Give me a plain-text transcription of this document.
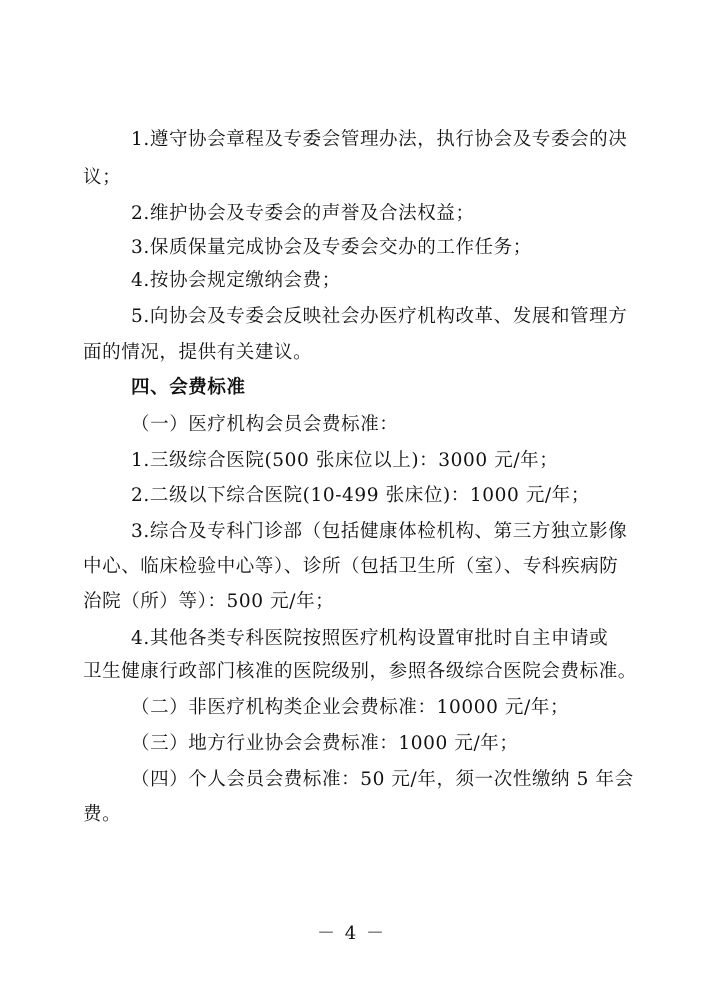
1.遵守协会章程及专委会管理办法，执行协会及专委会的决
议；
2.维护协会及专委会的声誉及合法权益；
3.保质保量完成协会及专委会交办的工作任务；
4.按协会规定缴纳会费；
5.向协会及专委会反映社会办医疗机构改革、发展和管理方
面的情况，提供有关建议。
四、会费标准
（一）医疗机构会员会费标准：
1.三级综合医院(500 张床位以上)：3000 元/年；
2.二级以下综合医院(10-499 张床位)：1000 元/年；
3.综合及专科门诊部（包括健康体检机构、第三方独立影像
中心、临床检验中心等）、诊所（包括卫生所（室）、专科疾病防
治院（所）等）：500 元/年；
4.其他各类专科医院按照医疗机构设置审批时自主申请或
卫生健康行政部门核准的医院级别，参照各级综合医院会费标准。
（二）非医疗机构类企业会费标准：10000 元/年；
（三）地方行业协会会费标准：1000 元/年；
（四）个人会员会费标准：50 元/年，须一次性缴纳 5 年会
费。
－ 4 －
